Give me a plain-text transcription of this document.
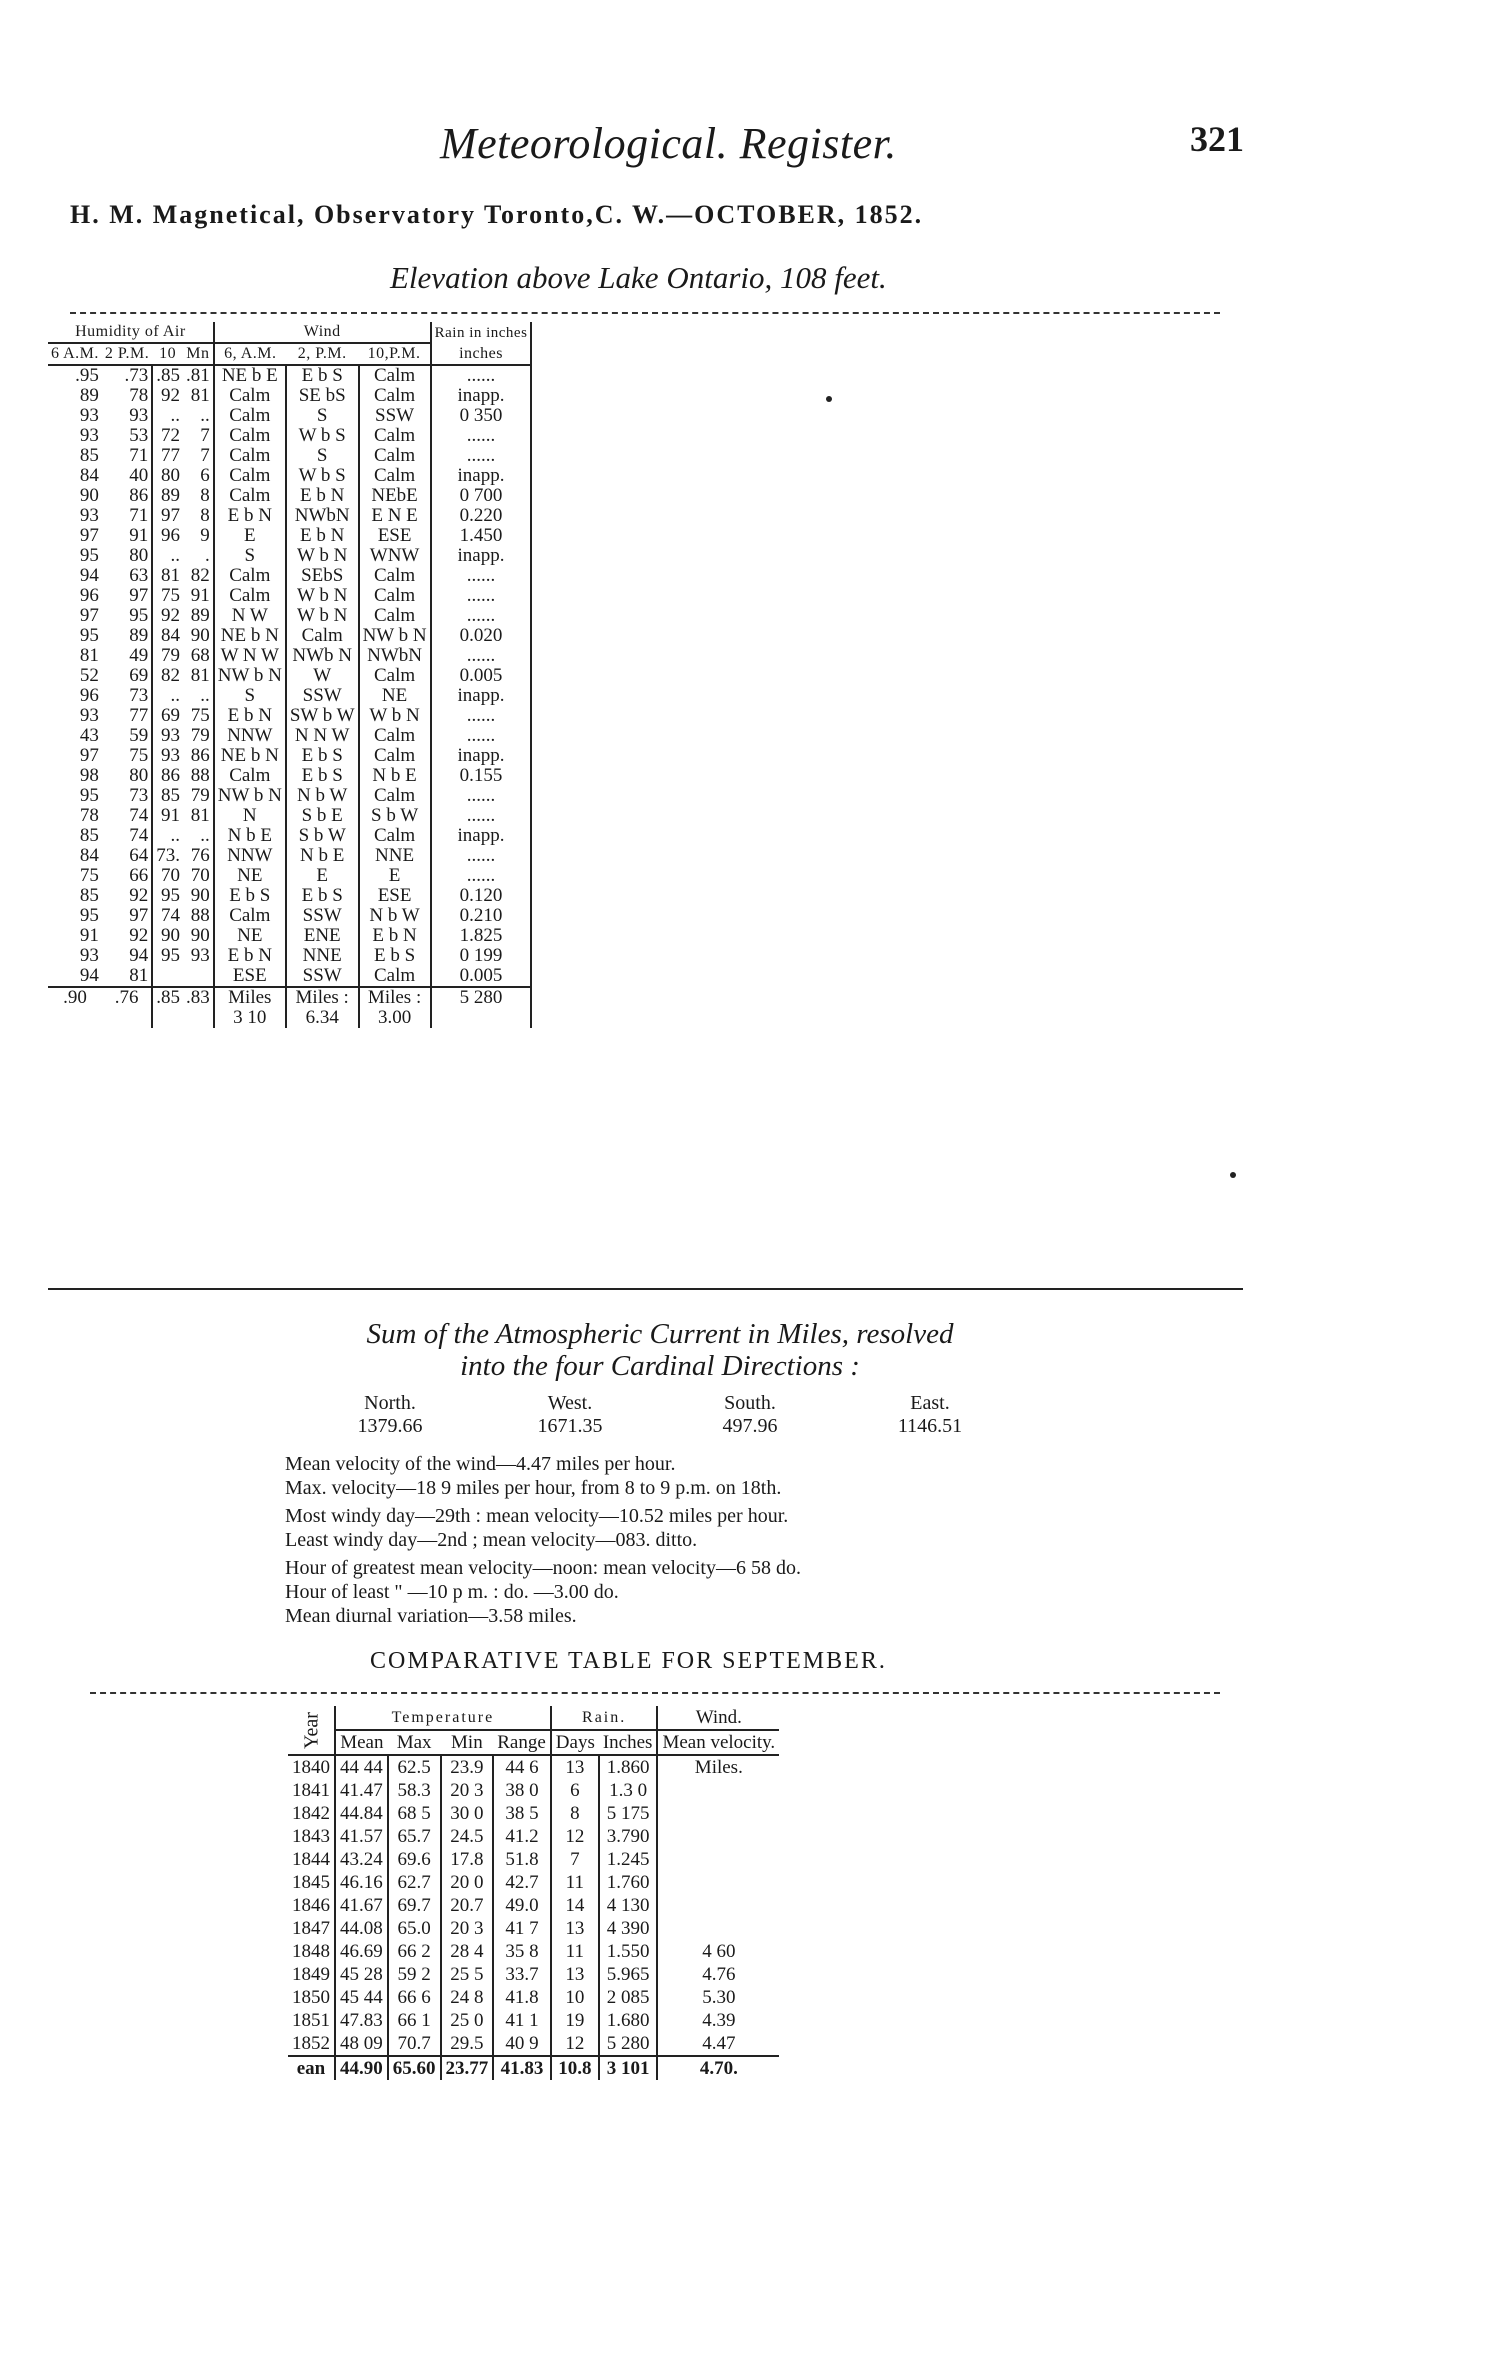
Meteorological. Register.	321
H. M. Magnetical, Observatory Toronto,C. W.—OCTOBER, 1852.
Elevation above Lake Ontario, 108 feet.
Humidity of Air				Wind			Rain in inches
6 A.M.	2 P.M.	10	Mn	6, A.M.	2, P.M.	10,P.M.	inches
.95	.73	.85	.81	NE b E	E b S	Calm	......
89	78	92	81	Calm	SE bS	Calm	inapp.
93	93	..	..	Calm	S	SSW	0 350
93	53	72	7	Calm	W b S	Calm	......
85	71	77	7	Calm	S	Calm	......
84	40	80	6	Calm	W b S	Calm	inapp.
90	86	89	8	Calm	E b N	NEbE	0 700
93	71	97	8	E b N	NWbN	E N E	0.220
97	91	96	9	E	E b N	ESE	1.450
95	80	..	.	S	W b N	WNW	inapp.
94	63	81	82	Calm	SEbS	Calm	......
96	97	75	91	Calm	W b N	Calm	......
97	95	92	89	N W	W b N	Calm	......
95	89	84	90	NE b N	Calm	NW b N	0.020
81	49	79	68	W N W	NWb N	NWbN	......
52	69	82	81	NW b N	W	Calm	0.005
96	73	..	..	S	SSW	NE	inapp.
93	77	69	75	E b N	SW b W	W b N	......
43	59	93	79	NNW	N N W	Calm	......
97	75	93	86	NE b N	E b S	Calm	inapp.
98	80	86	88	Calm	E b S	N b E	0.155
95	73	85	79	NW b N	N b W	Calm	......
78	74	91	81	N	S b E	S b W	......
85	74	..	..	N b E	S b W	Calm	inapp.
84	64	73.	76	NNW	N b E	NNE	......
75	66	70	70	NE	E	E	......
85	92	95	90	E b S	E b S	ESE	0.120
95	97	74	88	Calm	SSW	N b W	0.210
91	92	90	90	NE	ENE	E b N	1.825
93	94	95	93	E b N	NNE	E b S	0 199
94	81			ESE	SSW	Calm	0.005
.90	.76	.85	.83	Miles	Miles :	Miles :	5 280
				3 10	6.34	3.00	
Sum of the Atmospheric Current in Miles, resolved
into the four Cardinal Directions :
North.	West.	South.	East.
1379.66	1671.35	497.96	1146.51
Mean velocity of the wind—4.47 miles per hour.
Max. velocity—18 9 miles per hour, from 8 to 9 p.m. on 18th.
Most windy day—29th : mean velocity—10.52 miles per hour.
Least windy day—2nd ; mean velocity—083. ditto.
Hour of greatest mean velocity—noon: mean velocity—6 58 do.
Hour of least " —10 p m. : do. —3.00 do.
Mean diurnal variation—3.58 miles.
COMPARATIVE TABLE FOR SEPTEMBER.
Year	Temperature				Rain.		Wind.
	Mean	Max	Min	Range	Days	Inches	Mean velocity.
1840	44 44	62.5	23.9	44 6	13	1.860	Miles.
1841	41.47	58.3	20 3	38 0	6	1.3 0	
1842	44.84	68 5	30 0	38 5	8	5 175	
1843	41.57	65.7	24.5	41.2	12	3.790	
1844	43.24	69.6	17.8	51.8	7	1.245	
1845	46.16	62.7	20 0	42.7	11	1.760	
1846	41.67	69.7	20.7	49.0	14	4 130	
1847	44.08	65.0	20 3	41 7	13	4 390	
1848	46.69	66 2	28 4	35 8	11	1.550	4 60
1849	45 28	59 2	25 5	33.7	13	5.965	4.76
1850	45 44	66 6	24 8	41.8	10	2 085	5.30
1851	47.83	66 1	25 0	41 1	19	1.680	4.39
1852	48 09	70.7	29.5	40 9	12	5 280	4.47
ean	44.90	65.60	23.77	41.83	10.8	3 101	4.70.
